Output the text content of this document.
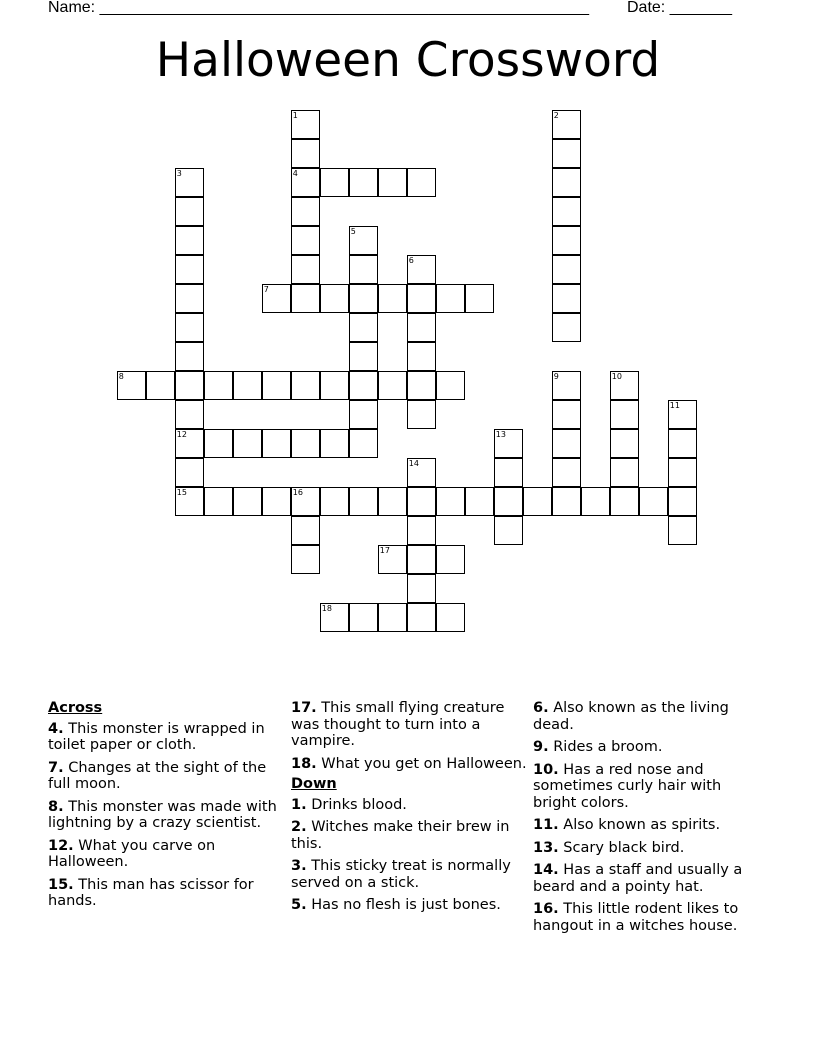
Name: _______________________________________________________	Date: _______
Halloween Crossword
1	2
3	4
5
6
7
8	9	10
11
12	13
14
15	16
17
18
Across
4. This monster is wrapped in toilet paper or cloth.
7. Changes at the sight of the full moon.
8. This monster was made with lightning by a crazy scientist.
12. What you carve on Halloween.
15. This man has scissor for hands.
17. This small flying creature was thought to turn into a vampire.
18. What you get on Halloween.
Down
1. Drinks blood.
2. Witches make their brew in this.
3. This sticky treat is normally served on a stick.
5. Has no flesh is just bones.
6. Also known as the living dead.
9. Rides a broom.
10. Has a red nose and sometimes curly hair with bright colors.
11. Also known as spirits.
13. Scary black bird.
14. Has a staff and usually a beard and a pointy hat.
16. This little rodent likes to hangout in a witches house.
